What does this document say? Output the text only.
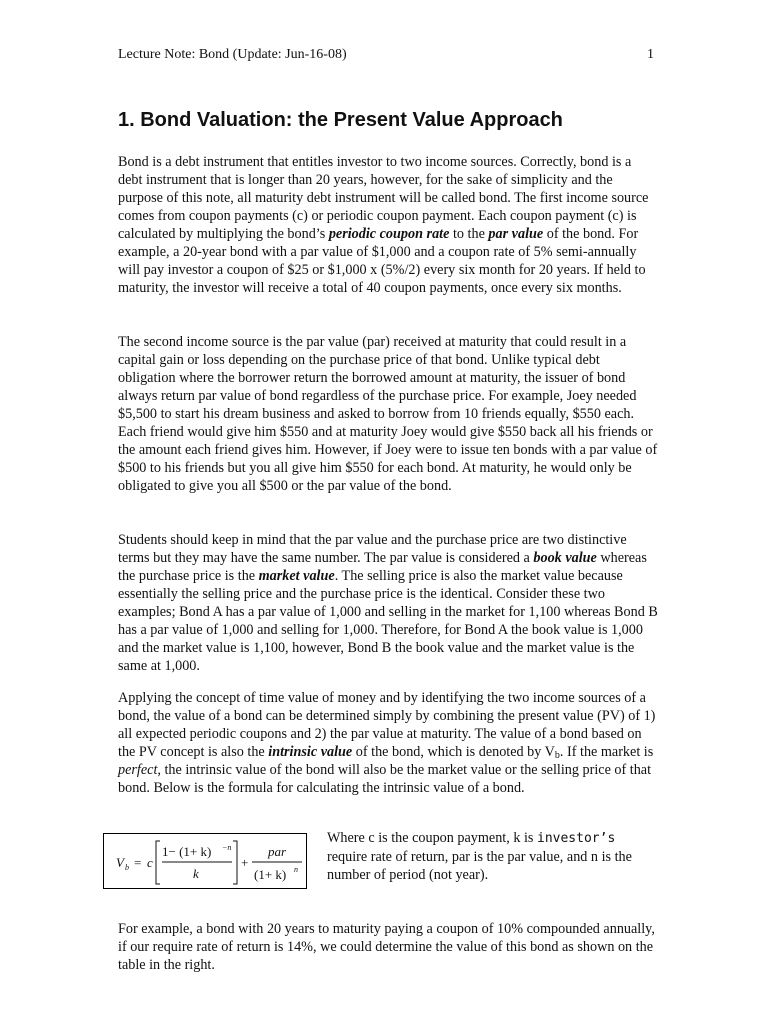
Lecture Note: Bond (Update: Jun-16-08)	1
1. Bond Valuation: the Present Value Approach

Bond is a debt instrument that entitles investor to two income sources. Correctly, bond is a debt instrument that is longer than 20 years, however, for the sake of simplicity and the purpose of this note, all maturity debt instrument will be called bond. The first income source comes from coupon payments (c) or periodic coupon payment. Each coupon payment (c) is calculated by multiplying the bond’s periodic coupon rate to the par value of the bond. For example, a 20-year bond with a par value of $1,000 and a coupon rate of 5% semi-annually will pay investor a coupon of $25 or $1,000 x (5%/2) every six month for 20 years. If held to maturity, the investor will receive a total of 40 coupon payments, once every six months.

The second income source is the par value (par) received at maturity that could result in a capital gain or loss depending on the purchase price of that bond. Unlike typical debt obligation where the borrower return the borrowed amount at maturity, the issuer of bond always return par value of bond regardless of the purchase price. For example, Joey needed $5,500 to start his dream business and asked to borrow from 10 friends equally, $550 each. Each friend would give him $550 and at maturity Joey would give $550 back all his friends or the amount each friend gives him. However, if Joey were to issue ten bonds with a par value of $500 to his friends but you all give him $550 for each bond. At maturity, he would only be obligated to give you all $500 or the par value of the bond.

Students should keep in mind that the par value and the purchase price are two distinctive terms but they may have the same number. The par value is considered a book value whereas the purchase price is the market value. The selling price is also the market value because essentially the selling price and the purchase price is the identical. Consider these two examples; Bond A has a par value of 1,000 and selling in the market for 1,100 whereas Bond B has a par value of 1,000 and selling for 1,000. Therefore, for Bond A the book value is 1,000 and the market value is 1,100, however, Bond B the book value and the market value is the same at 1,000.

Applying the concept of time value of money and by identifying the two income sources of a bond, the value of a bond can be determined simply by combining the present value (PV) of 1) all expected periodic coupons and 2) the par value at maturity. The value of a bond based on the PV concept is also the intrinsic value of the bond, which is denoted by $V_b$. If the market is perfect, the intrinsic value of the bond will also be the market value or the selling price of that bond. Below is the formula for calculating the intrinsic value of a bond.

V b = c
1− (1+ k) −n
k
+
par
(1+ k) n
Where c is the coupon payment, k is investor’s require rate of return, par is the par value, and n is the number of period (not year).

For example, a bond with 20 years to maturity paying a coupon of 10% compounded annually, if our require rate of return is 14%, we could determine the value of this bond as shown on the table in the right.
